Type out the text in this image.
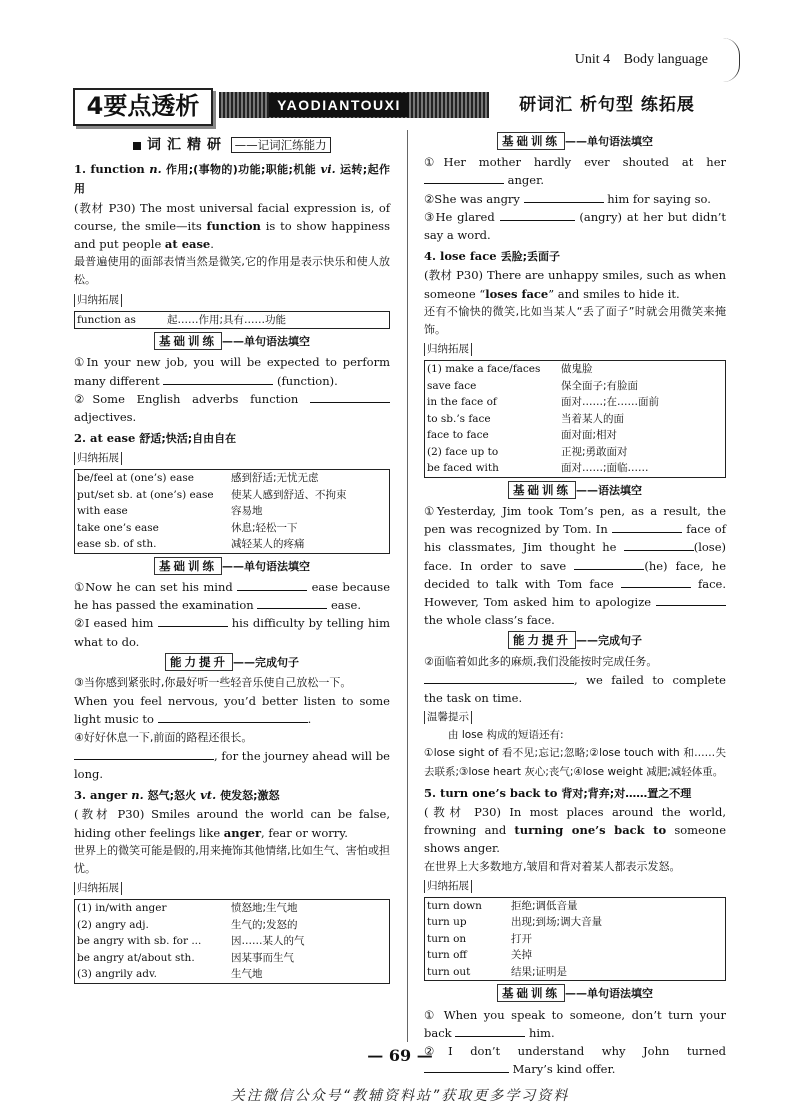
Unit 4 Body language
4要点透析	YAODIANTOUXI	研词汇 析句型 练拓展
词汇精研 ——记词汇练能力

1. function n. 作用;(事物的)功能;职能;机能 vi. 运转;起作用

(教材 P30) The most universal facial expression is, of course, the smile—its function is to show happiness and put people at ease.

最普遍使用的面部表情当然是微笑,它的作用是表示快乐和使人放松。

归纳拓展
function as	起……作用;具有……功能
基础训练 ——单句语法填空

①In your new job, you will be expected to perform many different	(function).

②Some English adverbs function  adjectives.

2. at ease 舒适;快活;自由自在

归纳拓展
be/feel at (one’s) ease	感到舒适;无忧无虑
put/set sb. at (one’s) ease	使某人感到舒适、不拘束
with ease	容易地
take one’s ease	休息;轻松一下
ease sb. of sth.	减轻某人的疼痛
基础训练 ——单句语法填空

①Now he can set his mind	ease because he has passed the examination	ease.

②I eased him	his difficulty by telling him what to do.

能力提升 ——完成句子

③当你感到紧张时,你最好听一些轻音乐使自己放松一下。

When you feel nervous, you’d better listen to some light music to	.

④好好休息一下,前面的路程还很长。

, for the journey ahead will be long.

3. anger n. 怒气;怒火 vt. 使发怒;激怒

(教材 P30) Smiles around the world can be false, hiding other feelings like anger, fear or worry.

世界上的微笑可能是假的,用来掩饰其他情绪,比如生气、害怕或担忧。

归纳拓展
(1) in/with anger	愤怒地;生气地
(2) angry adj.	生气的;发怒的
be angry with sb. for ...	因……某人的气
be angry at/about sth.	因某事而生气
(3) angrily adv.	生气地
基础训练 ——单句语法填空

①Her mother hardly ever shouted at her  anger.

②She was angry	him for saying so.

③He glared	(angry) at her but didn’t say a word.

4. lose face 丢脸;丢面子

(教材 P30) There are unhappy smiles, such as when someone “loses face” and smiles to hide it.

还有不愉快的微笑,比如当某人“丢了面子”时就会用微笑来掩饰。

归纳拓展
(1) make a face/faces	做鬼脸
save face	保全面子;有脸面
in the face of	面对……;在……面前
to sb.’s face	当着某人的面
face to face	面对面;相对
(2) face up to	正视;勇敢面对
be faced with	面对……;面临……
基础训练 ——语法填空

①Yesterday, Jim took Tom’s pen, as a result, the pen was recognized by Tom. In	face of his classmates, Jim thought he	(lose) face. In order to save	(he) face, he decided to talk with Tom face	face. However, Tom asked him to apologize  the whole class’s face.

能力提升 ——完成句子

②面临着如此多的麻烦,我们没能按时完成任务。

, we failed to complete the task on time.

温馨提示

由 lose 构成的短语还有:

①lose sight of 看不见;忘记;忽略;②lose touch with 和……失去联系;③lose heart 灰心;丧气;④lose weight 减肥;减轻体重。

5. turn one’s back to 背对;背弃;对……置之不理

(教材 P30) In most places around the world, frowning and turning one’s back to someone shows anger.

在世界上大多数地方,皱眉和背对着某人都表示发怒。

归纳拓展
turn down	拒绝;调低音量
turn up	出现;到场;调大音量
turn on	打开
turn off	关掉
turn out	结果;证明是
基础训练 ——单句语法填空

① When you speak to someone, don’t turn your back	him.

②I don’t understand why John turned  Mary’s kind offer.

— 69 —
关注微信公众号“教辅资料站”获取更多学习资料
